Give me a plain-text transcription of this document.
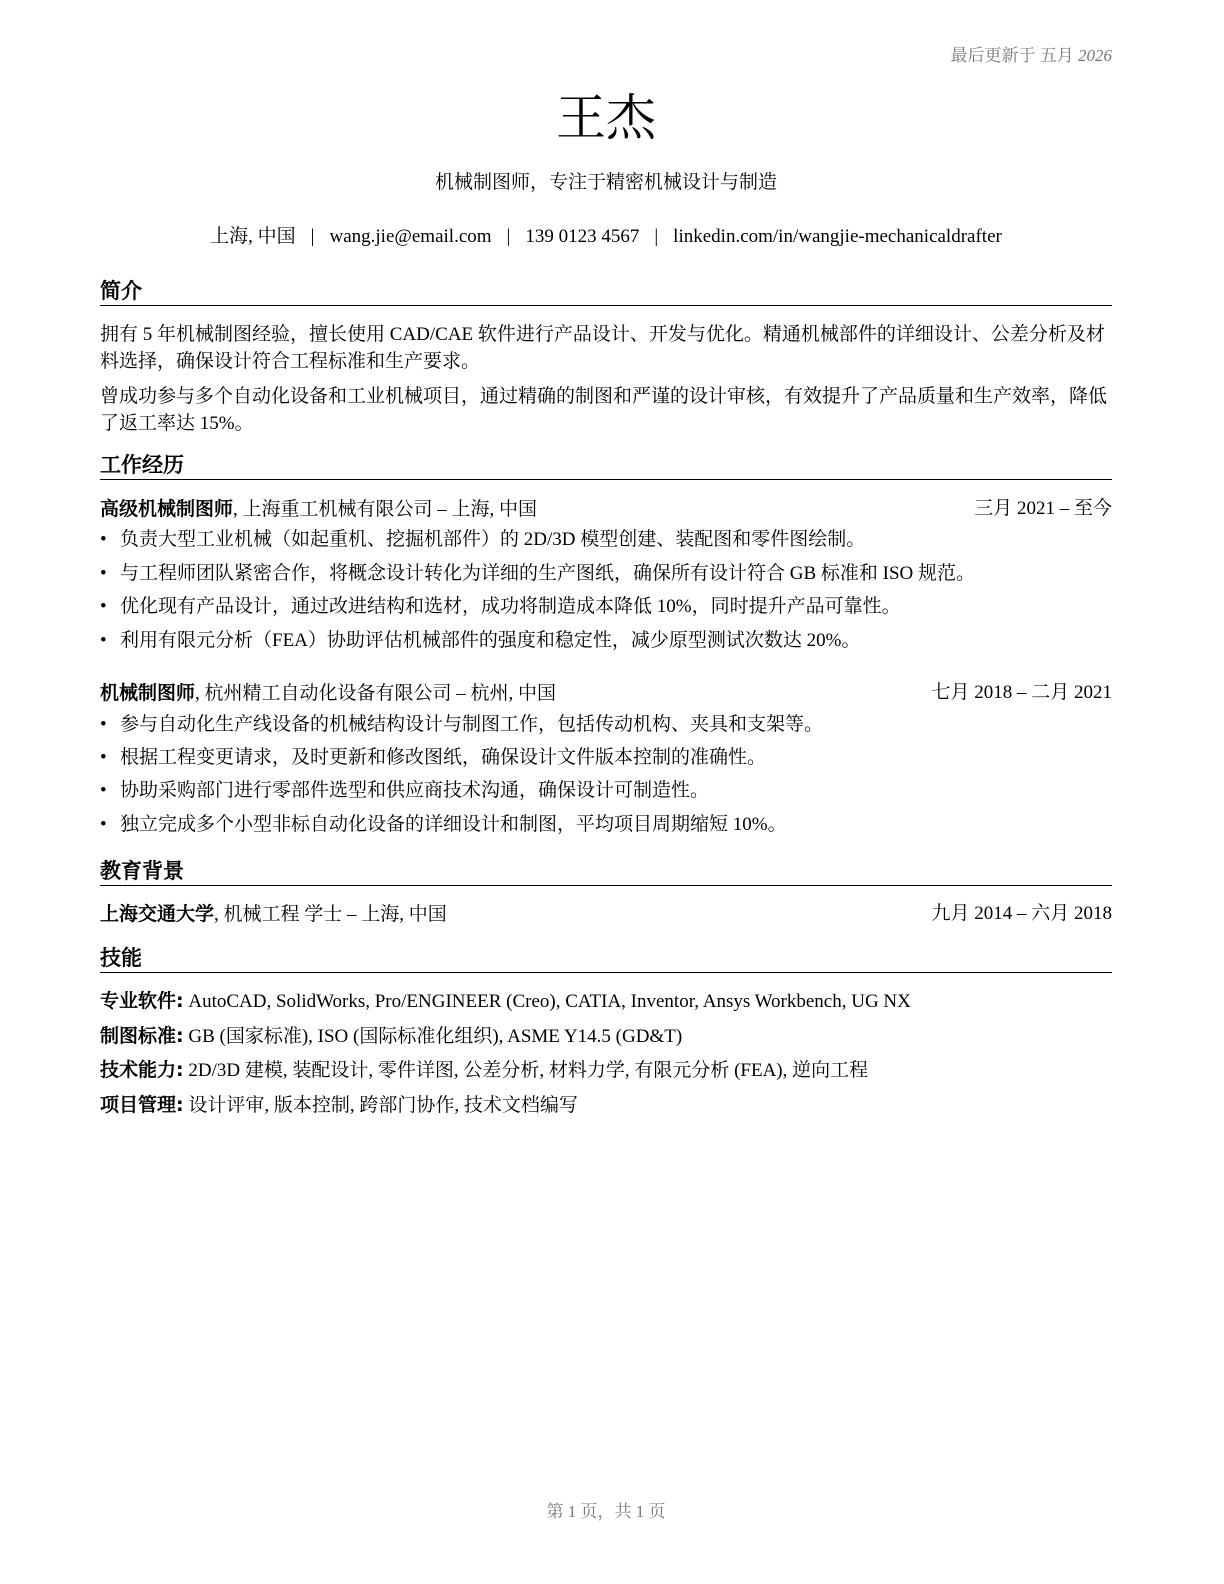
最后更新于 五月 2026
王杰
机械制图师，专注于精密机械设计与制造
上海, 中国 | wang.jie@email.com | 139 0123 4567 | linkedin.com/in/wangjie-mechanicaldrafter
简介
拥有 5 年机械制图经验，擅长使用 CAD/CAE 软件进行产品设计、开发与优化。精通机械部件的详细设计、公差分析及材料选择，确保设计符合工程标准和生产要求。
曾成功参与多个自动化设备和工业机械项目，通过精确的制图和严谨的设计审核，有效提升了产品质量和生产效率，降低了返工率达 15%。
工作经历
高级机械制图师, 上海重工机械有限公司 – 上海, 中国	三月 2021 – 至今
• 负责大型工业机械（如起重机、挖掘机部件）的 2D/3D 模型创建、装配图和零件图绘制。
• 与工程师团队紧密合作，将概念设计转化为详细的生产图纸，确保所有设计符合 GB 标准和 ISO 规范。
• 优化现有产品设计，通过改进结构和选材，成功将制造成本降低 10%，同时提升产品可靠性。
• 利用有限元分析（FEA）协助评估机械部件的强度和稳定性，减少原型测试次数达 20%。
机械制图师, 杭州精工自动化设备有限公司 – 杭州, 中国	七月 2018 – 二月 2021
• 参与自动化生产线设备的机械结构设计与制图工作，包括传动机构、夹具和支架等。
• 根据工程变更请求，及时更新和修改图纸，确保设计文件版本控制的准确性。
• 协助采购部门进行零部件选型和供应商技术沟通，确保设计可制造性。
• 独立完成多个小型非标自动化设备的详细设计和制图，平均项目周期缩短 10%。
教育背景
上海交通大学, 机械工程 学士 – 上海, 中国	九月 2014 – 六月 2018
技能
专业软件: AutoCAD, SolidWorks, Pro/ENGINEER (Creo), CATIA, Inventor, Ansys Workbench, UG NX
制图标准: GB (国家标准), ISO (国际标准化组织), ASME Y14.5 (GD&T)
技术能力: 2D/3D 建模, 装配设计, 零件详图, 公差分析, 材料力学, 有限元分析 (FEA), 逆向工程
项目管理: 设计评审, 版本控制, 跨部门协作, 技术文档编写
第 1 页，共 1 页
